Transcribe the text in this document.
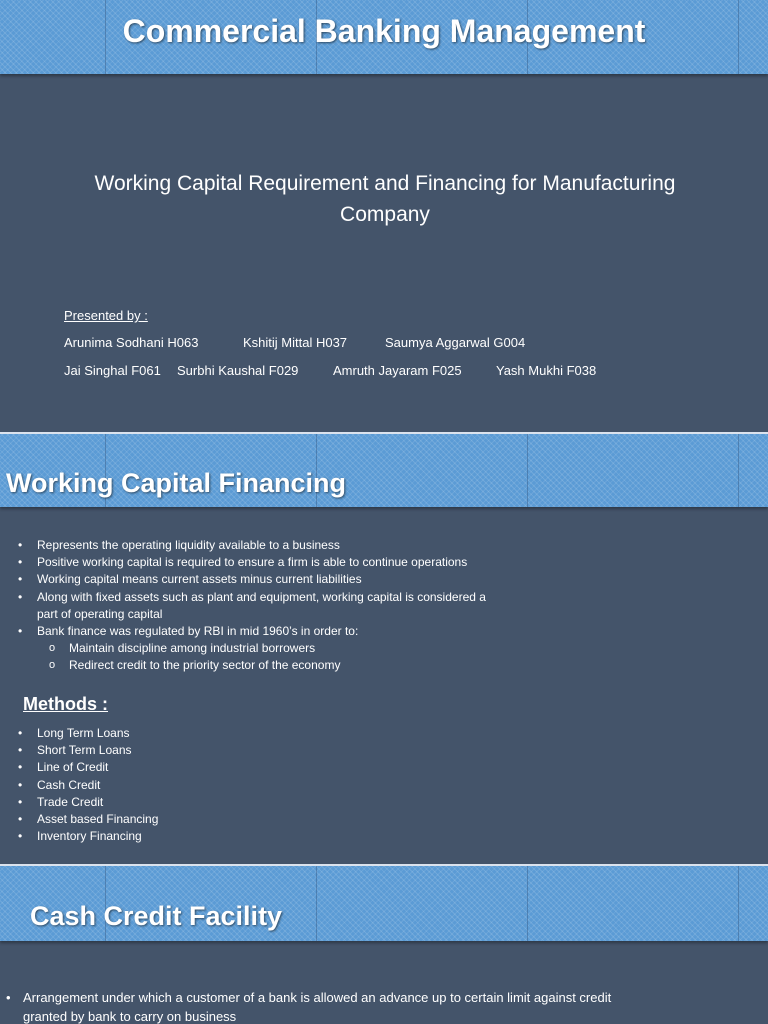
Commercial Banking Management
Working Capital Requirement and Financing for Manufacturing
Company
Presented by :
Arunima Sodhani H063	Kshitij Mittal H037	Saumya Aggarwal G004
Jai Singhal F061 Surbhi Kaushal F029	Amruth Jayaram F025	Yash Mukhi F038
Working Capital Financing
• Represents the operating liquidity available to a business
• Positive working capital is required to ensure a firm is able to continue operations
• Working capital means current assets minus current liabilities
• Along with fixed assets such as plant and equipment, working capital is considered a
part of operating capital
• Bank finance was regulated by RBI in mid 1960’s in order to:
o Maintain discipline among industrial borrowers
o Redirect credit to the priority sector of the economy
Methods :
• Long Term Loans
• Short Term Loans
• Line of Credit
• Cash Credit
• Trade Credit
• Asset based Financing
• Inventory Financing
Cash Credit Facility
• Arrangement under which a customer of a bank is allowed an advance up to certain limit against credit
granted by bank to carry on business
